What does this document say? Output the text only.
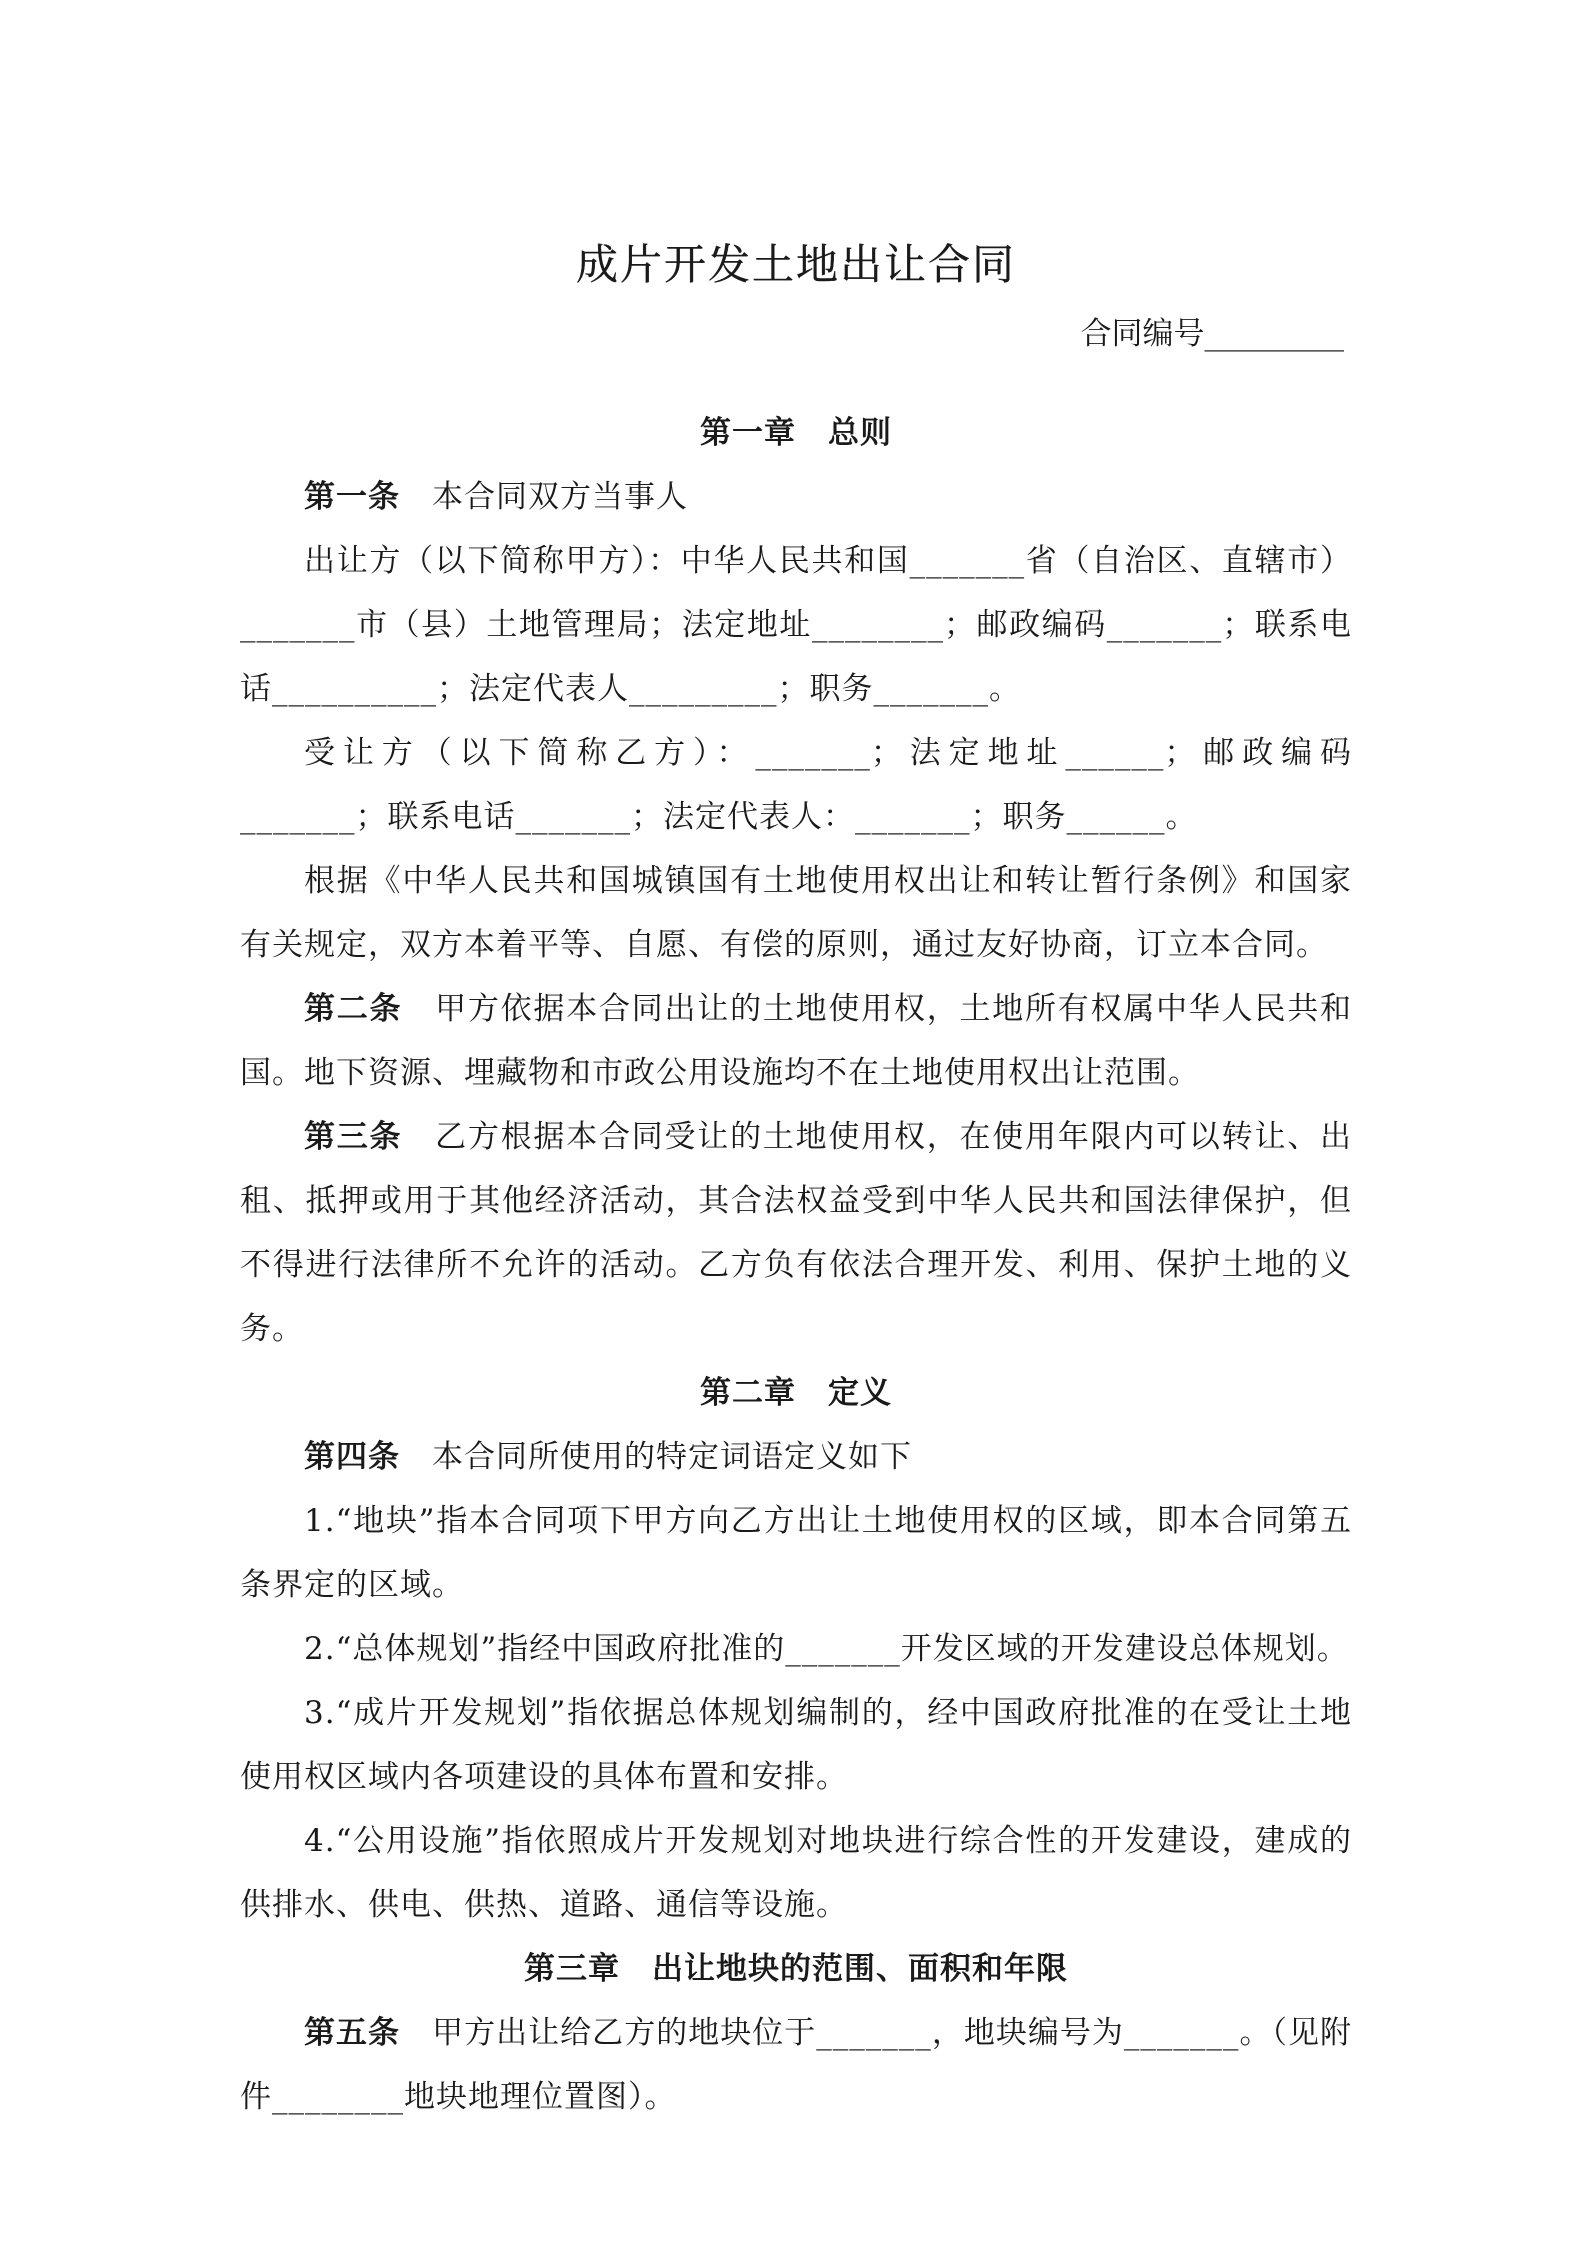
成片开发土地出让合同
合同编号_________
第一章　总则

第一条 本合同双方当事人

出让方（以下简称甲方）：中华人民共和国_______省（自治区、直辖市）_______市（县）土地管理局；法定地址________；邮政编码_______；联系电话__________；法定代表人_________；职务_______。

受让方（以下简称乙方）：_______；法定地址______；邮政编码_______；联系电话_______；法定代表人：_______；职务______。

根据《中华人民共和国城镇国有土地使用权出让和转让暂行条例》和国家有关规定，双方本着平等、自愿、有偿的原则，通过友好协商，订立本合同。

第二条 甲方依据本合同出让的土地使用权，土地所有权属中华人民共和国。地下资源、埋藏物和市政公用设施均不在土地使用权出让范围。

第三条 乙方根据本合同受让的土地使用权，在使用年限内可以转让、出租、抵押或用于其他经济活动，其合法权益受到中华人民共和国法律保护，但不得进行法律所不允许的活动。乙方负有依法合理开发、利用、保护土地的义务。

第二章　定义

第四条 本合同所使用的特定词语定义如下

1.“地块”指本合同项下甲方向乙方出让土地使用权的区域，即本合同第五条界定的区域。

2.“总体规划”指经中国政府批准的_______开发区域的开发建设总体规划。

3.“成片开发规划”指依据总体规划编制的，经中国政府批准的在受让土地使用权区域内各项建设的具体布置和安排。

4.“公用设施”指依照成片开发规划对地块进行综合性的开发建设，建成的供排水、供电、供热、道路、通信等设施。

第三章　出让地块的范围、面积和年限

第五条 甲方出让给乙方的地块位于_______，地块编号为_______。（见附件________地块地理位置图）。
